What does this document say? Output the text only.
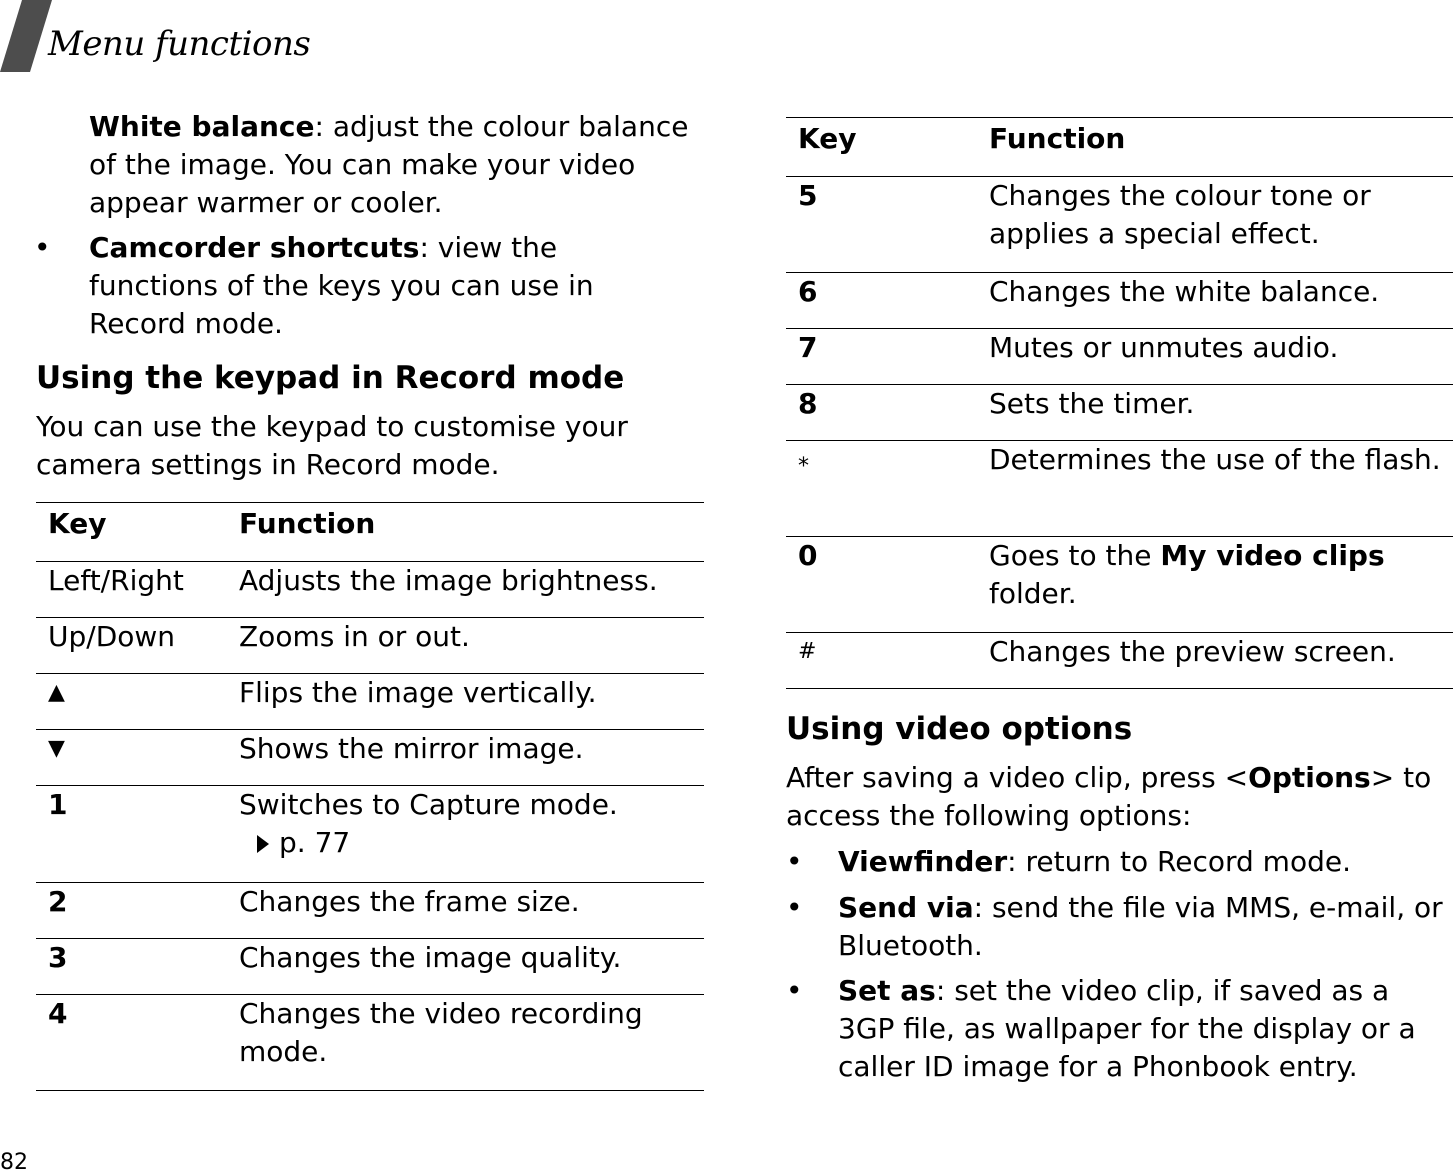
Menu functions
82

White balance: adjust the colour balance of the image. You can make your video appear warmer or cooler.

• Camcorder shortcuts: view the functions of the keys you can use in Record mode.

Using the keypad in Record mode

You can use the keypad to customise your camera settings in Record mode.

Key	Function
Left/Right	Adjusts the image brightness.
Up/Down	Zooms in or out.
▲	Flips the image vertically.
▼	Shows the mirror image.
1	Switches to Capture mode.
p. 77
2	Changes the frame size.
3	Changes the image quality.
4	Changes the video recording mode.
Key	Function
5	Changes the colour tone or applies a special effect.
6	Changes the white balance.
7	Mutes or unmutes audio.
8	Sets the timer.
⁎	Determines the use of the flash.
0	Goes to the My video clips folder.
#	Changes the preview screen.
Using video options

After saving a video clip, press <Options> to access the following options:

• Viewfinder: return to Record mode.

• Send via: send the file via MMS, e-mail, or Bluetooth.

• Set as: set the video clip, if saved as a 3GP file, as wallpaper for the display or a caller ID image for a Phonbook entry.
